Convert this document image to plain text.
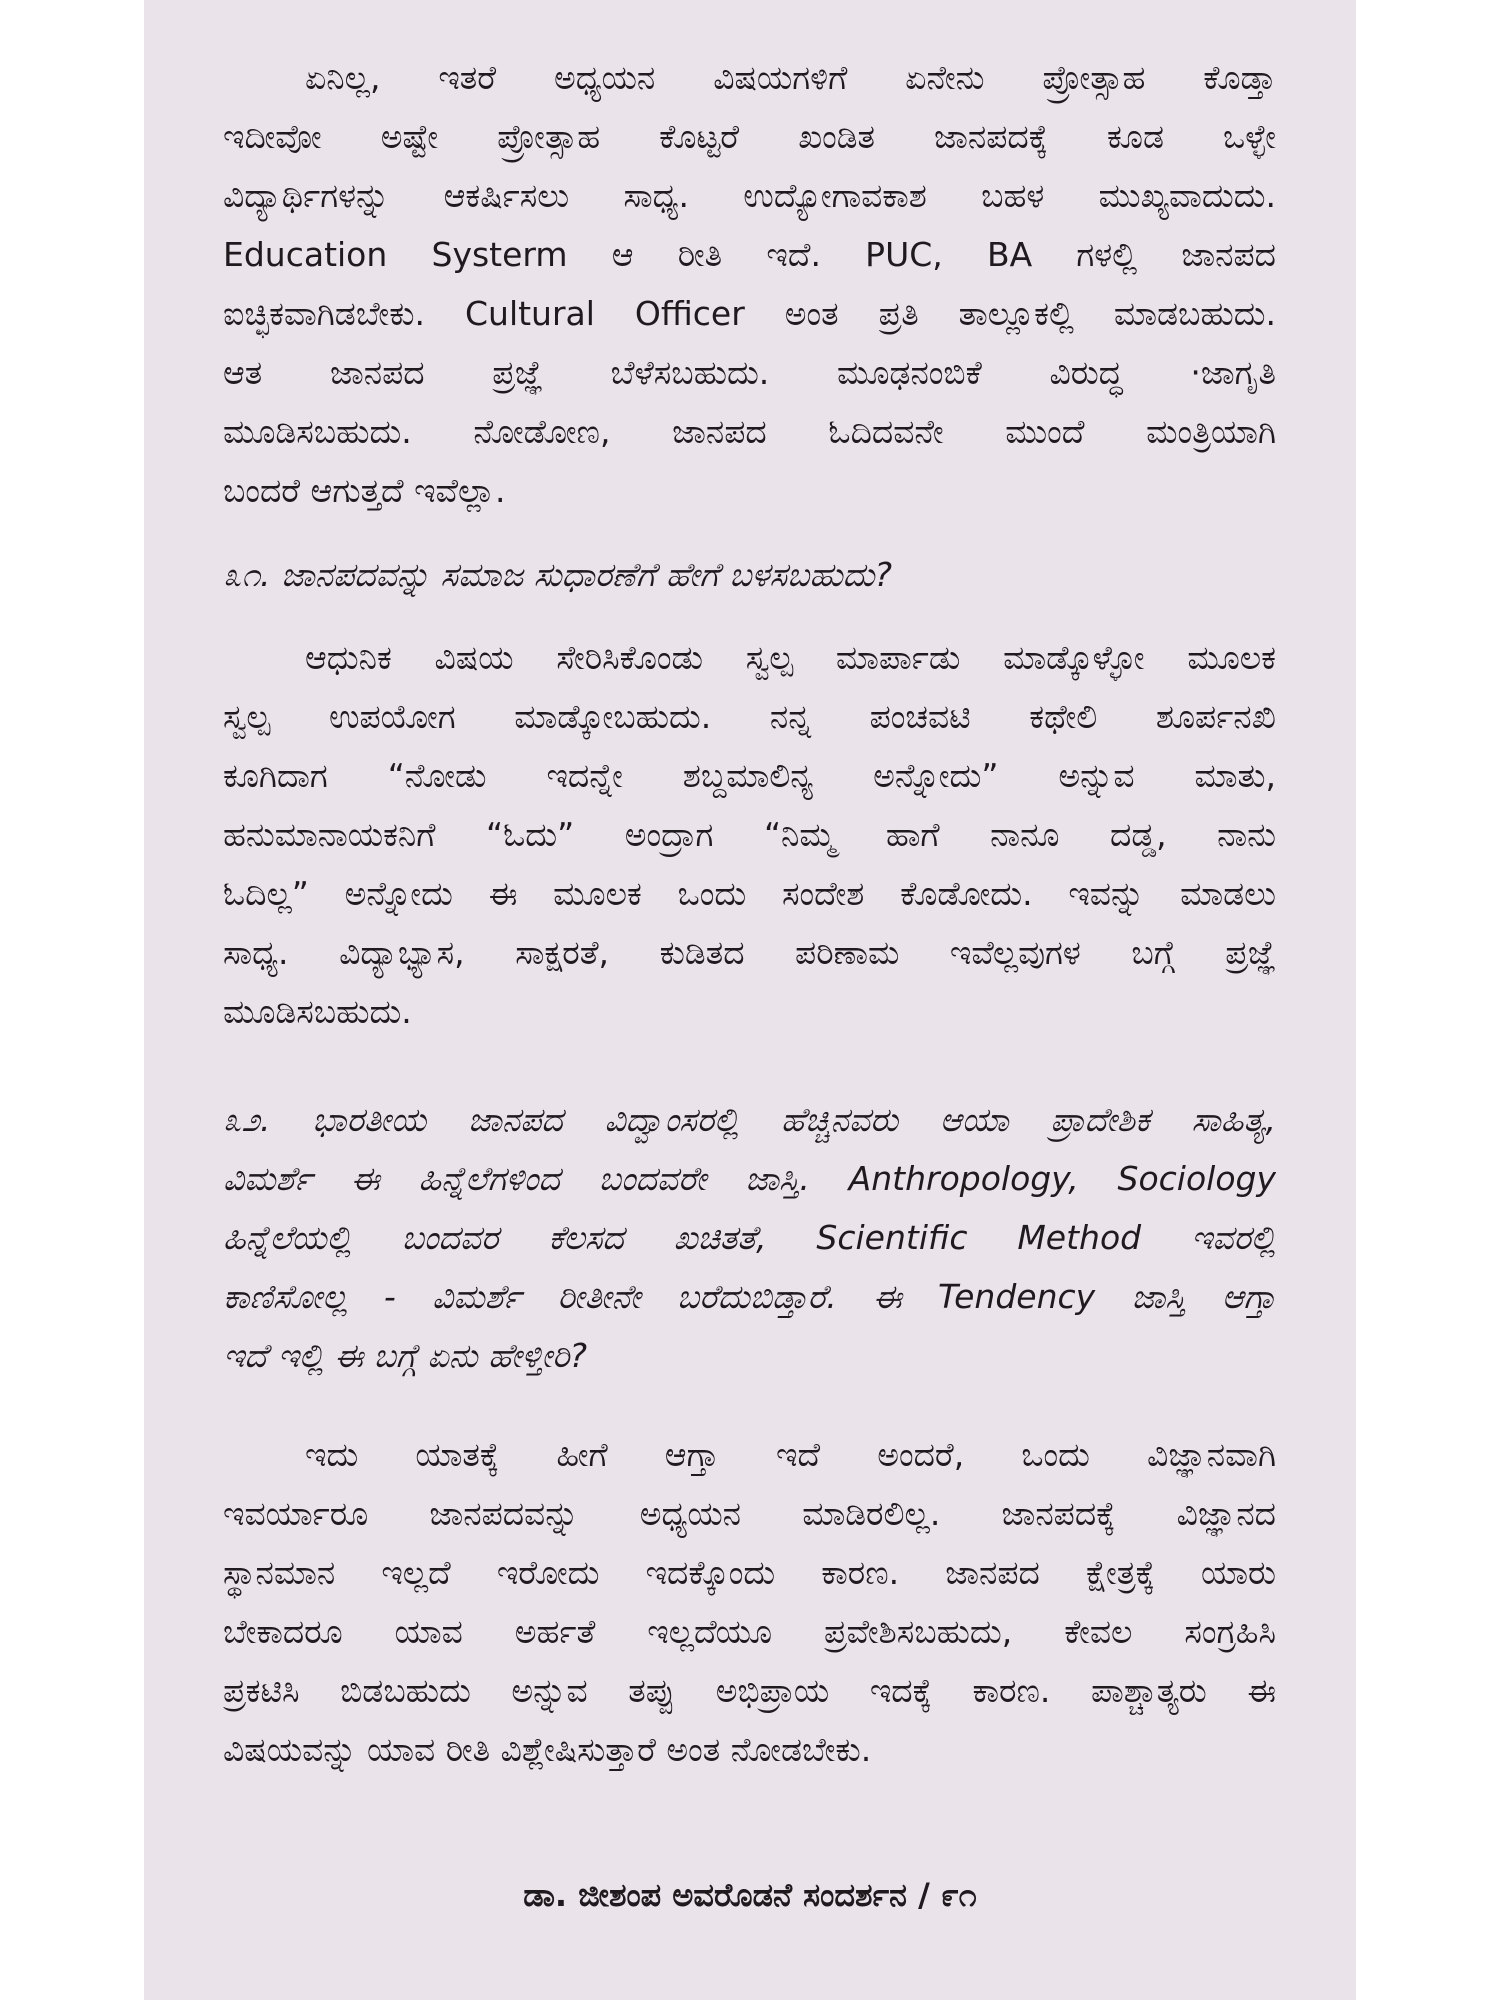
ಏನಿಲ್ಲ, ಇತರೆ ಅಧ್ಯಯನ ವಿಷಯಗಳಿಗೆ ಏನೇನು ಪ್ರೋತ್ಸಾಹ ಕೊಡ್ತಾ
ಇದೀವೋ ಅಷ್ಟೇ ಪ್ರೋತ್ಸಾಹ ಕೊಟ್ಟರೆ ಖಂಡಿತ ಜಾನಪದಕ್ಕೆ ಕೂಡ ಒಳ್ಳೇ
ವಿದ್ಯಾರ್ಥಿಗಳನ್ನು ಆಕರ್ಷಿಸಲು ಸಾಧ್ಯ. ಉದ್ಯೋಗಾವಕಾಶ ಬಹಳ ಮುಖ್ಯವಾದುದು.
Education Systerm ಆ ರೀತಿ ಇದೆ. PUC, BA ಗಳಲ್ಲಿ ಜಾನಪದ
ಐಚ್ಛಿಕವಾಗಿಡಬೇಕು. Cultural Officer ಅಂತ ಪ್ರತಿ ತಾಲ್ಲೂಕಲ್ಲಿ ಮಾಡಬಹುದು.
ಆತ ಜಾನಪದ ಪ್ರಜ್ಞೆ ಬೆಳೆಸಬಹುದು. ಮೂಢನಂಬಿಕೆ ವಿರುದ್ಧ ·ಜಾಗೃತಿ
ಮೂಡಿಸಬಹುದು. ನೋಡೋಣ, ಜಾನಪದ ಓದಿದವನೇ ಮುಂದೆ ಮಂತ್ರಿಯಾಗಿ
ಬಂದರೆ ಆಗುತ್ತದೆ ಇವೆಲ್ಲಾ.
೩೧. ಜಾನಪದವನ್ನು ಸಮಾಜ ಸುಧಾರಣೆಗೆ ಹೇಗೆ ಬಳಸಬಹುದು?
ಆಧುನಿಕ ವಿಷಯ ಸೇರಿಸಿಕೊಂಡು ಸ್ವಲ್ಪ ಮಾರ್ಪಾಡು ಮಾಡ್ಕೊಳ್ಳೋ ಮೂಲಕ
ಸ್ವಲ್ಪ ಉಪಯೋಗ ಮಾಡ್ಕೋಬಹುದು. ನನ್ನ ಪಂಚವಟಿ ಕಥೇಲಿ ಶೂರ್ಪನಖಿ
ಕೂಗಿದಾಗ “ನೋಡು ಇದನ್ನೇ ಶಬ್ದಮಾಲಿನ್ಯ ಅನ್ನೋದು” ಅನ್ನುವ ಮಾತು,
ಹನುಮಾನಾಯಕನಿಗೆ “ಓದು” ಅಂದ್ರಾಗ “ನಿಮ್ಮ ಹಾಗೆ ನಾನೂ ದಡ್ಡ, ನಾನು
ಓದಿಲ್ಲ” ಅನ್ನೋದು ಈ ಮೂಲಕ ಒಂದು ಸಂದೇಶ ಕೊಡೋದು. ಇವನ್ನು ಮಾಡಲು
ಸಾಧ್ಯ. ವಿದ್ಯಾಭ್ಯಾಸ, ಸಾಕ್ಷರತೆ, ಕುಡಿತದ ಪರಿಣಾಮ ಇವೆಲ್ಲವುಗಳ ಬಗ್ಗೆ ಪ್ರಜ್ಞೆ
ಮೂಡಿಸಬಹುದು.
೩೨. ಭಾರತೀಯ ಜಾನಪದ ವಿದ್ವಾಂಸರಲ್ಲಿ ಹೆಚ್ಚಿನವರು ಆಯಾ ಪ್ರಾದೇಶಿಕ ಸಾಹಿತ್ಯ,
ವಿಮರ್ಶೆ ಈ ಹಿನ್ನೆಲೆಗಳಿಂದ ಬಂದವರೇ ಜಾಸ್ತಿ. Anthropology, Sociology
ಹಿನ್ನೆಲೆಯಲ್ಲಿ ಬಂದವರ ಕೆಲಸದ ಖಚಿತತೆ, Scientific Method ಇವರಲ್ಲಿ
ಕಾಣಿಸೋಲ್ಲ - ವಿಮರ್ಶೆ ರೀತೀನೇ ಬರೆದುಬಿಡ್ತಾರೆ. ಈ Tendency ಜಾಸ್ತಿ ಆಗ್ತಾ
ಇದೆ ಇಲ್ಲಿ ಈ ಬಗ್ಗೆ ಏನು ಹೇಳ್ತೀರಿ?
ಇದು ಯಾತಕ್ಕೆ ಹೀಗೆ ಆಗ್ತಾ ಇದೆ ಅಂದರೆ, ಒಂದು ವಿಜ್ಞಾನವಾಗಿ
ಇವರ್ಯಾರೂ ಜಾನಪದವನ್ನು ಅಧ್ಯಯನ ಮಾಡಿರಲಿಲ್ಲ. ಜಾನಪದಕ್ಕೆ ವಿಜ್ಞಾನದ
ಸ್ಥಾನಮಾನ ಇಲ್ಲದೆ ಇರೋದು ಇದಕ್ಕೊಂದು ಕಾರಣ. ಜಾನಪದ ಕ್ಷೇತ್ರಕ್ಕೆ ಯಾರು
ಬೇಕಾದರೂ ಯಾವ ಅರ್ಹತೆ ಇಲ್ಲದೆಯೂ ಪ್ರವೇಶಿಸಬಹುದು, ಕೇವಲ ಸಂಗ್ರಹಿಸಿ
ಪ್ರಕಟಿಸಿ ಬಿಡಬಹುದು ಅನ್ನುವ ತಪ್ಪು ಅಭಿಪ್ರಾಯ ಇದಕ್ಕೆ ಕಾರಣ. ಪಾಶ್ಚಾತ್ಯರು ಈ
ವಿಷಯವನ್ನು ಯಾವ ರೀತಿ ವಿಶ್ಲೇಷಿಸುತ್ತಾರೆ ಅಂತ ನೋಡಬೇಕು.
ಡಾ. ಜೀಶಂಪ ಅವರೊಡನೆ ಸಂದರ್ಶನ / ೯೧
